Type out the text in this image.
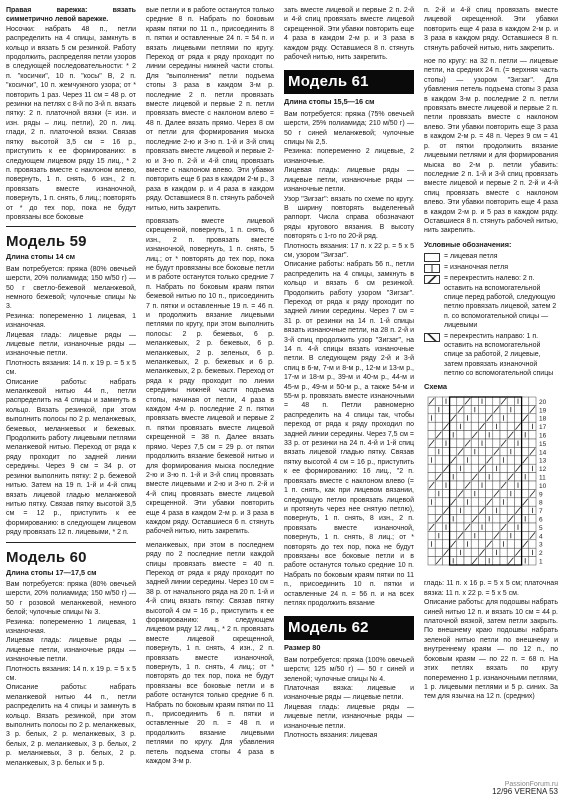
Правая варежка: вязать симметрично левой варежке.

Носочки: набрать 48 п., петли распределить на 4 спицы, замкнуть в кольцо и вязать 5 см резинкой. Работу продолжить, распределяя петли узоров в следующей последовательности: * 2 п. "косички", 10 п. "косы" В, 2 п. "косички", 10 п. жемчужного узора; от * повторить 1 раз. Через 11 см = 48 р. от резинки на петлях с 8-й по 3-й п. вязать пятку: 2 п. платочной вязки (= изн. и изн. ряды – лиц. петли), 20 п. лиц. глади, 2 п. платочной вязки. Связав пятку высотой 3,5 см = 16 р., приступить к ее формированию: в следующем лицевом ряду 15 лиц., * 2 п. провязать вместе с наклоном влево, повернуть, 1 п. снять, 6 изн., 2 п. провязать вместе изнаночной, повернуть, 1 п. снять, 6 лиц.; повторять от * до тех пор, пока не будут провязаны все боковые

Модель 59
Длина стопы 14 см

Вам потребуется: пряжа (80% овечьей шерсти, 20% полиамида; 150 м/50 г) — 50 г светло-бежевой меланжевой, немного бежевой; чулочные спицы № 3.

Резинка: попеременно 1 лицевая, 1 изнаночная.

Лицевая гладь: лицевые ряды — лицевые петли, изнаночные ряды — изнаночные петли.

Плотность вязания: 14 п. х 19 р. = 5 х 5 см.

Описание работы: набрать меланжевой нитью 44 п., петли распределить на 4 спицы и замкнуть в кольцо. Вязать резинкой, при этом выполнить полосы по 2 р. меланжевых, бежевых, меланжевых и бежевых. Продолжить работу лицевыми петлями меланжевой нитью. Переход от ряда к ряду проходит по задней линии середины. Через 9 см = 34 р. от резинки выполнить пятку: 2 р. бежевой нитью. Затем на 19 п. 1-й и 4-й спиц вязать лицевой гладью меланжевой нитью пятку. Связав пятку высотой 3,5 см = 12 р., приступить к ее формированию: в следующем лицевом ряду провязать 12 п. лицевыми, * 2 п.

Модель 60
Длина стопы 17—17,5 см

Вам потребуется: пряжа (80% овечьей шерсти, 20% полиамида; 150 м/50 г) — 50 г розовой меланжевой, немного белой; чулочные спицы № 3.

Резинка: попеременно 1 лицевая, 1 изнаночная.

Лицевая гладь: лицевые ряды — лицевые петли, изнаночные ряды — изнаночные петли.

Плотность вязания: 14 п. х 19 р. = 5 х 5 см.

Описание работы: набрать меланжевой нитью 44 п., петли распределить на 4 спицы и замкнуть в кольцо. Вязать резинкой, при этом выполнить полосы по 2 р. меланжевых, 3 р. белых, 2 р. меланжевых, 3 р. белых, 2 р. меланжевых, 3 р. белых, 2 р. меланжевых, 3 р. белых, 2 р. меланжевых, 3 р. белых и 5 р.

вые петли и в работе останутся только средние 8 п. Набрать по боковым краям пятки по 11 п., присоединить 8 п. пятки и оставленные 24 п. = 54 п. и вязать лицевыми петлями по кругу. Переход от ряда к ряду проходит по линии середины нижней части стопы. Для "выполнения" петли подъема стопы 3 раза в каждом 3-м р. последние 2 п. петли провязать вместе лицевой и первые 2 п. петли провязать вместе с наклоном влево = 48 п. Далее вязать прямо. Через 8 см от петли для формирования мыска последние 2-ю и 3-ю п. 1-й и 3-й спиц провязать вместе лицевой и первые 2-ю и 3-ю п. 2-й и 4-й спиц провязать вместе с наклоном влево. Эти убавки повторить еще 6 раз в каждом 2-м р., 3 раза в каждом р. и 4 раза в каждом ряду. Оставшиеся 8 п. стянуть рабочей нитью, нить закрепить.

провязать вместе лицевой скрещенной, повернуть, 1 п. снять, 6 изн., 2 п. провязать вместе изнаночной, повернуть, 1 п. снять, 5 лиц.; от * повторять до тех пор, пока не будут провязаны все боковые петли и в работе останутся только средние 7 п. Набрать по боковым краям пятки бежевой нитью по 10 п., присоединить 7 п. пятки и оставленные 19 п. = 46 п. и продолжить вязание лицевыми петлями по кругу, при этом выполнить полосы: 2 р. бежевых, 6 р. меланжевых, 2 р. бежевых, 6 р. меланжевых, 2 р. зеленых, 6 р. меланжевых, 2 р. бежевых и 6 р. меланжевых, 2 р. бежевых. Переход от ряда к ряду проходит по линии середины нижней части подъема стопы, начиная от петли, 4 раза в каждом 4-м р. последние 2 п. пятки провязать вместе лицевой и первые 2 п. пятки провязать вместе лицевой скрещенной = 38 п. Далее вязать прямо. Через 7,5 см = 29 р. от пятки продолжить вязание бежевой нитью и для формирования мыска последние 2-ю и 3-ю п. 1-й и 3-й спиц провязать вместе лицевыми и 2-ю и 3-ю п. 2-й и 4-й спиц провязать вместе лицевой скрещенной. Эти убавки повторить еще 4 раза в каждом 2-м р. и 3 раза в каждом ряду. Оставшиеся 6 п. стянуть рабочей нитью, нить закрепить.

меланжевых, при этом в последнем ряду по 2 последние петли каждой спицы провязать вместе = 40 п. Переход от ряда к ряду проходит по задней линии середины. Через 10 см = 38 р. от начального ряда на 20 п. 1-й и 4-й спиц вязать пятку: Связав пятку высотой 4 см = 16 р., приступить к ее формированию: в следующем лицевом ряду 12 лиц., * 2 п. провязать вместе лицевой скрещенной, повернуть, 1 п. снять, 4 изн., 2 п. провязать вместе изнаночной, повернуть, 1 п. снять, 4 лиц.; от * повторять до тех пор, пока не будут провязаны все боковые петли и в работе останутся только средние 6 п. Набрать по боковым краям пятки по 11 п., присоединить 6 п. пятки и оставленные 20 п. = 48 п. и продолжить вязание лицевыми петлями по кругу. Для убавления петель подъема стопы 4 раза в каждом 3-м р.

зать вместе лицевой и первые 2 п. 2-й и 4-й спиц провязать вместе лицевой скрещенной. Эти убавки повторить еще 4 раза в каждом 2-м р. и 3 раза в каждом ряду. Оставшиеся 8 п. стянуть рабочей нитью, нить закрепить.

Модель 61
Длина стопы 15,5—16 см

Вам потребуется: пряжа (75% овечьей шерсти, 25% полиамида; 210 м/50 г) — 50 г синей меланжевой; чулочные спицы № 2,5.

Резинка: попеременно 2 лицевые, 2 изнаночные.

Лицевая гладь: лицевые ряды — лицевые петли, изнаночные ряды — изнаночные петли.

Узор "Зигзаг": вязать по схеме по кругу. В ширину повторять выделенный раппорт. Числа справа обозначают ряды кругового вязания. В высоту повторять с 1-го по 20-й ряд.

Плотность вязания: 17 п. х 22 р. = 5 х 5 см, узором "Зигзаг".

Описание работы: набрать 56 п., петли распределить на 4 спицы, замкнуть в кольцо и вязать 6 см резинкой. Продолжить работу узором "Зигзаг". Переход от ряда к ряду проходит по задней линии середины. Через 7 см = 31 р. от резинки на 14 п. 1-й спицы вязать изнаночные петли, на 28 п. 2-й и 3-й спиц продолжить узор "Зигзаг", на 14 п. 4-й спицы вязать изнаночные петли. В следующем ряду 2-й и 3-й спиц в 6-м, 7-м и 8-м р., 12-м и 13-м р., 17-м и 18-м р., 39-м и 40-м р., 44-м и 45-м р., 49-м и 50-м р., а также 54-м и 55-м р. провязать вместе изнаночными = 48 п. Петли равномерно распределить на 4 спицы так, чтобы переход от ряда к ряду проходил по задней линии середины. Через 7,5 см = 33 р. от резинки на 24 п. 4-й и 1-й спиц вязать лицевой гладью пятку. Связав пятку высотой 4 см = 16 р., приступить к ее формированию: 16 лиц., "2 п. провязать вместе с наклоном влево (= 1 п. снять, как при лицевом вязании, следующую петлю провязать лицевой и протянуть через нее снятую петлю), повернуть, 1 п. снять, 8 изн., 2 п. провязать вместе изнаночной, повернуть, 1 п. снять, 8 лиц.; от * повторять до тех пор, пока не будут провязаны все боковые петли и в работе останутся только средние 10 п. Набрать по боковым краям пятки по 11 п., присоединить 10 п. пятки и оставленные 24 п. = 56 п. и на всех петлях продолжить вязание

Модель 62
Размер 80

Вам потребуется: пряжа (100% овечьей шерсти; 125 м/50 г) — 50 г синей и зеленой; чулочные спицы № 4.

Платочная вязка: лицевые и изнаночные ряды — лицевые петли.

Лицевая гладь: лицевые ряды — лицевые петли, изнаночные ряды — изнаночные петли.

Плотность вязания: лицевая

п. 2-й и 4-й спиц провязать вместе лицевой скрещенной. Эти убавки повторить еще 4 раза в каждом 2-м р. и 3 раза в каждом ряду. Оставшиеся 8 п. стянуть рабочей нитью, нить закрепить.

ное по кругу: на 32 п. петли — лицевые петли, на средних 24 п. (= верхняя часть стопы) — узором "Зигзаг". Для убавления петель подъема стопы 3 раза в каждом 3-м р. последние 2 п. петли провязать вместе лицевой и первые 2 п. петли провязать вместе с наклоном влево. Эти убавки повторить еще 3 раза в каждом 2-м р. = 48 п. Через 9 см = 41 р. от пятки продолжить вязание лицевыми петлями и для формирования мыска во 2-м р. петли убавить: последние 2 п. 1-й и 3-й спиц провязать вместе лицевой и первые 2 п. 2-й и 4-й спиц провязать вместе с наклоном влево. Эти убавки повторить еще 4 раза в каждом 2-м р. и 5 раз в каждом ряду. Оставшиеся 8 п. стянуть рабочей нитью, нить закрепить.

Условные обозначения:
= лицевая петля
= изнаночная петля
= перекрестить налево: 2 п. оставить на вспомогательной спице перед работой, следующую петлю провязать лицевой, затем 2 п. со вспомогательной спицы — лицевыми
= перекрестить направо: 1 п. оставить на вспомогательной спице за работой, 2 лицевые, затем провязать изнаночной петлю со вспомогательной спицы
Схема
20
19
18
17
16
15
14
13
12
11
10
9
8
7
6
5
4
3
2
1

гладь: 11 п. х 16 р. = 5 х 5 см; платочная вязка: 11 п. х 22 р. = 5 х 5 см.

Описание работы: для подошвы набрать синей нитью 12 п. и вязать 10 см = 44 р. платочной вязкой, затем петли закрыть. По внешнему краю подошвы набрать зеленой нитью петли по внешнему и внутреннему краям — по 12 п., по боковым краям — по 22 п. = 68 п. На этих петлях вязать по кругу попеременно 1 р. изнаночными петлями, 1 р. лицевыми петлями и 5 р. синих. За тем для язычка на 12 п. (средних)

PassionForum.ru
12/96 VERENA 53
